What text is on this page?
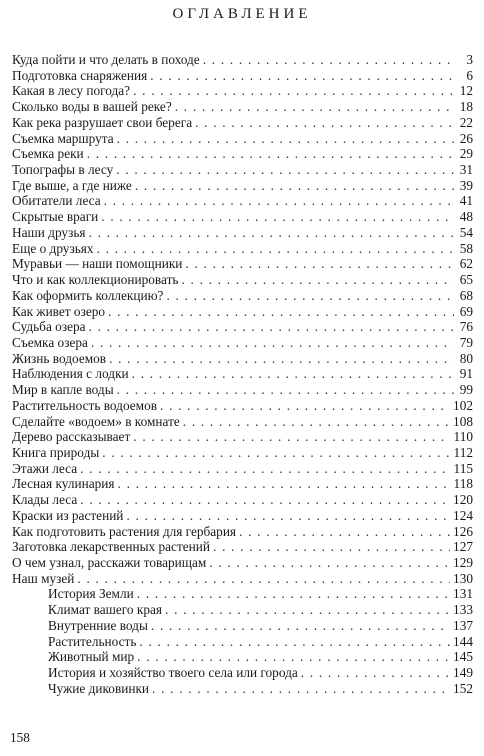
ОГЛАВЛЕНИЕ
Куда пойти и что делать в походе . . .	3
Подготовка снаряжения . . .	6
Какая в лесу погода? . . .	12
Сколько воды в вашей реке? . . .	18
Как река разрушает свои берега . . .	22
Съемка маршрута . . .	26
Съемка реки . . .	29
Топографы в лесу . . .	31
Где выше, а где ниже . . .	39
Обитатели леса . . .	41
Скрытые враги . . .	48
Наши друзья . . .	54
Еще о друзьях . . .	58
Муравьи — наши помощники . . .	62
Что и как коллекционировать . . .	65
Как оформить коллекцию? . . .	68
Как живет озеро . . .	69
Судьба озера . . .	76
Съемка озера . . .	79
Жизнь водоемов . . .	80
Наблюдения с лодки . . .	91
Мир в капле воды . . .	99
Растительность водоемов . . .	102
Сделайте «водоем» в комнате . . .	108
Дерево рассказывает . . .	110
Книга природы . . .	112
Этажи леса . . .	115
Лесная кулинария . . .	118
Клады леса . . .	120
Краски из растений . . .	124
Как подготовить растения для гербария . . .	126
Заготовка лекарственных растений . . .	127
О чем узнал, расскажи товарищам . . .	129
Наш музей . . .	130
История Земли . . .	131
Климат вашего края . . .	133
Внутренние воды . . .	137
Растительность . . .	144
Животный мир . . .	145
История и хозяйство твоего села или города . . .	149
Чужие диковинки . . .	152
158
